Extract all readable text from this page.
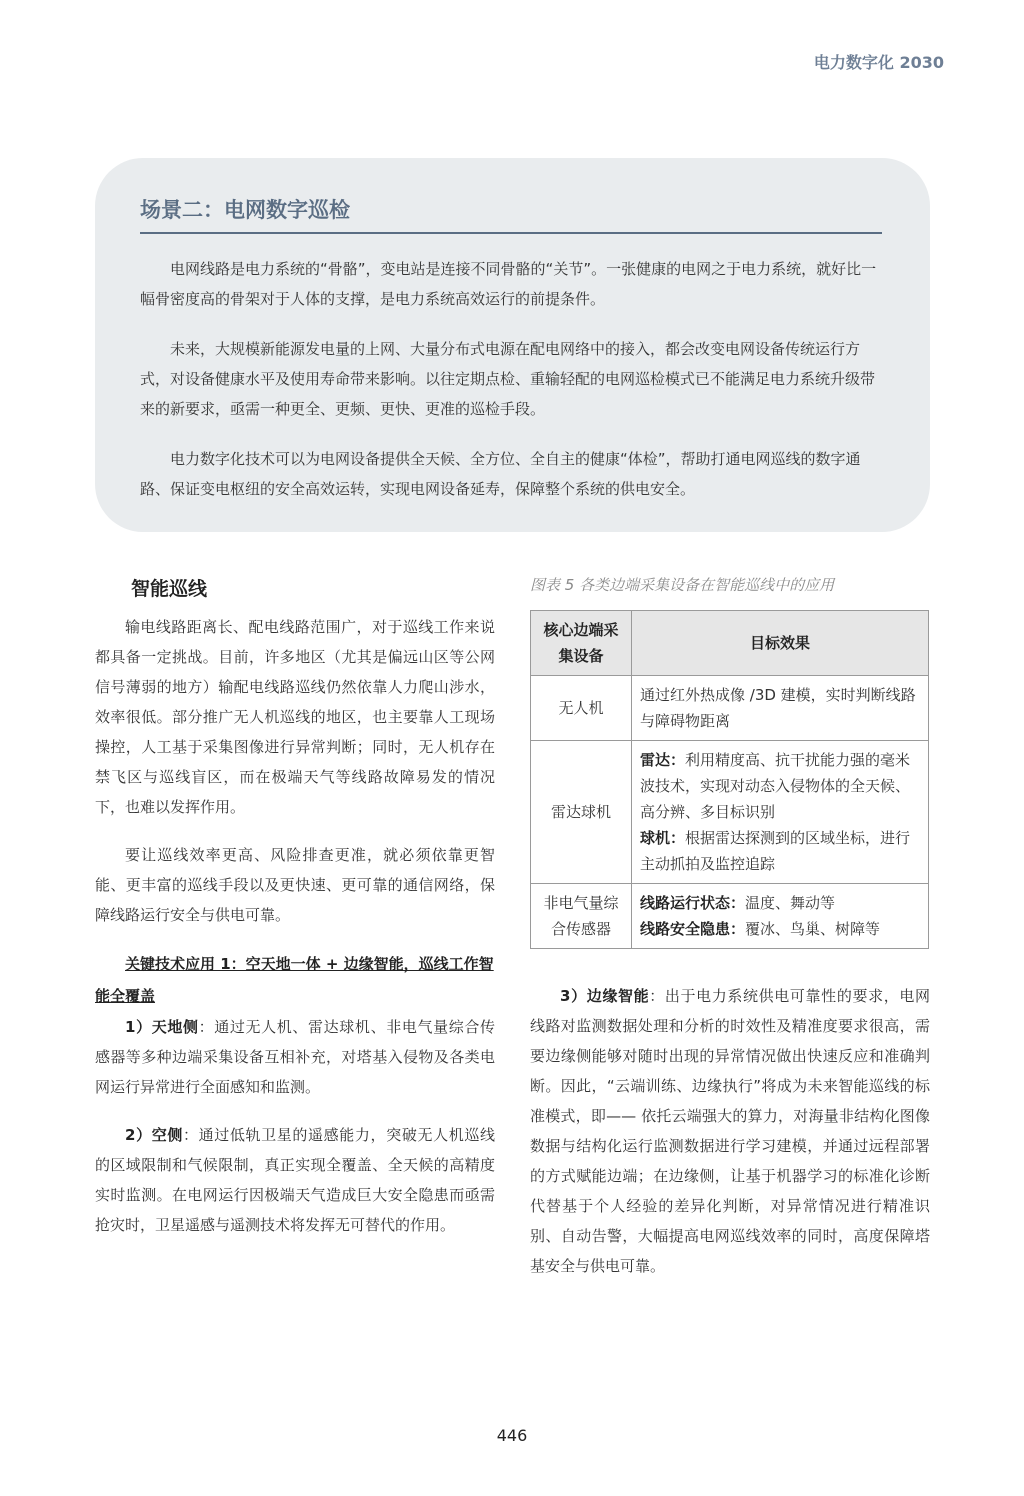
电力数字化 2030
场景二：电网数字巡检

电网线路是电力系统的“骨骼”，变电站是连接不同骨骼的“关节”。一张健康的电网之于电力系统，就好比一幅骨密度高的骨架对于人体的支撑，是电力系统高效运行的前提条件。

未来，大规模新能源发电量的上网、大量分布式电源在配电网络中的接入，都会改变电网设备传统运行方式，对设备健康水平及使用寿命带来影响。以往定期点检、重输轻配的电网巡检模式已不能满足电力系统升级带来的新要求，亟需一种更全、更频、更快、更准的巡检手段。

电力数字化技术可以为电网设备提供全天候、全方位、全自主的健康“体检”，帮助打通电网巡线的数字通路、保证变电枢纽的安全高效运转，实现电网设备延寿，保障整个系统的供电安全。

智能巡线

输电线路距离长、配电线路范围广，对于巡线工作来说都具备一定挑战。目前，许多地区（尤其是偏远山区等公网信号薄弱的地方）输配电线路巡线仍然依靠人力爬山涉水，效率很低。部分推广无人机巡线的地区，也主要靠人工现场操控，人工基于采集图像进行异常判断；同时，无人机存在禁飞区与巡线盲区，而在极端天气等线路故障易发的情况下，也难以发挥作用。

要让巡线效率更高、风险排查更准，就必须依靠更智能、更丰富的巡线手段以及更快速、更可靠的通信网络，保障线路运行安全与供电可靠。

关键技术应用 1：空天地一体 + 边缘智能，巡线工作智能全覆盖

1）天地侧：通过无人机、雷达球机、非电气量综合传感器等多种边端采集设备互相补充，对塔基入侵物及各类电网运行异常进行全面感知和监测。

2）空侧：通过低轨卫星的遥感能力，突破无人机巡线的区域限制和气候限制，真正实现全覆盖、全天候的高精度实时监测。在电网运行因极端天气造成巨大安全隐患而亟需抢灾时，卫星遥感与遥测技术将发挥无可替代的作用。

图表 5 各类边端采集设备在智能巡线中的应用

核心边端采集设备	目标效果
无人机	通过红外热成像 /3D 建模，实时判断线路与障碍物距离
雷达球机	雷达：利用精度高、抗干扰能力强的毫米波技术，实现对动态入侵物体的全天候、高分辨、多目标识别
球机：根据雷达探测到的区域坐标，进行主动抓拍及监控追踪
非电气量综合传感器	线路运行状态：温度、舞动等
线路安全隐患：覆冰、鸟巢、树障等

3）边缘智能：出于电力系统供电可靠性的要求，电网线路对监测数据处理和分析的时效性及精准度要求很高，需要边缘侧能够对随时出现的异常情况做出快速反应和准确判断。因此，“云端训练、边缘执行”将成为未来智能巡线的标准模式，即—— 依托云端强大的算力，对海量非结构化图像数据与结构化运行监测数据进行学习建模，并通过远程部署的方式赋能边端；在边缘侧，让基于机器学习的标准化诊断代替基于个人经验的差异化判断，对异常情况进行精准识别、自动告警，大幅提高电网巡线效率的同时，高度保障塔基安全与供电可靠。

446
